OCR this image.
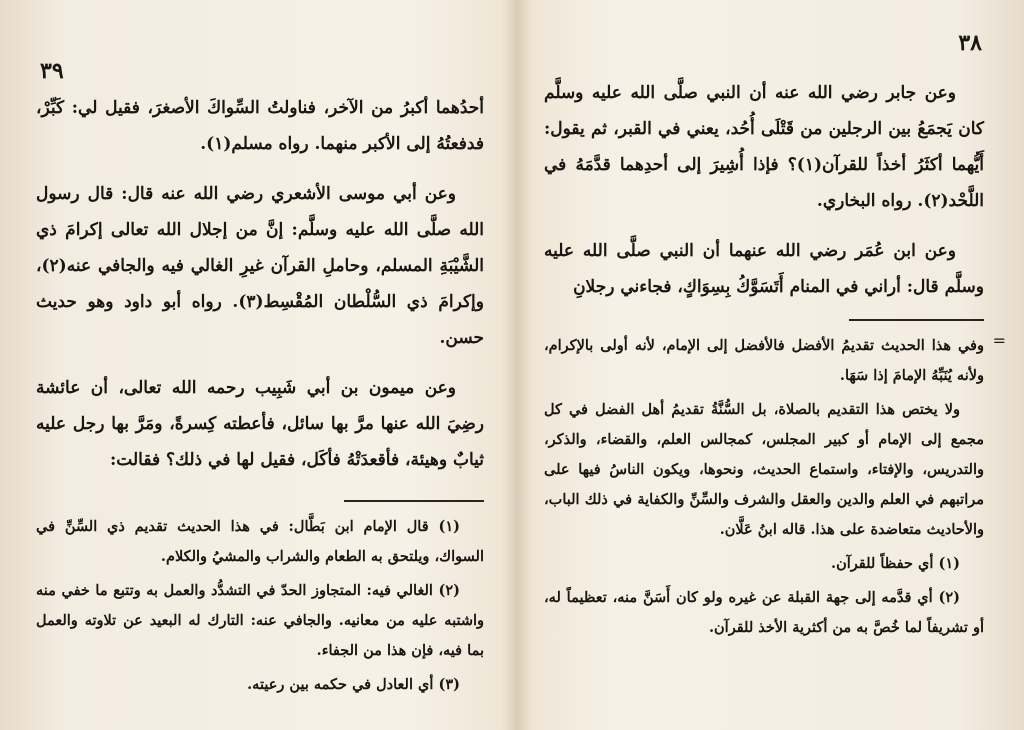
٣٩

أحدُهما أكبرُ من الآخر، فناولتُ السِّواكَ الأصغرَ، فقيل لي: كَبِّرْ، فدفعتُهُ إلى الأكبر منهما. رواه مسلم(١).

وعن أبي موسى الأشعري رضي الله عنه قال: قال رسول الله صلَّى الله عليه وسلَّم: إنَّ من إجلال الله تعالى إكرامَ ذي الشَّيْبَةِ المسلم، وحاملِ القرآن غيرِ الغالي فيه والجافي عنه(٢)، وإكرامَ ذي السُّلْطان المُقْسِط(٣). رواه أبو داود وهو حديث حسن.

وعن ميمون بن أبي شَبِيب رحمه الله تعالى، أن عائشة رضِيَ الله عنها مرَّ بها سائل، فأعطته كِسرةً، ومَرَّ بها رجل عليه ثيابٌ وهيئة، فأقعدَتْهُ فأكَل، فقيل لها في ذلك؟ فقالت:

(١) قال الإمام ابن بَطَّال: في هذا الحديث تقديم ذي السِّنِّ في السواك، ويلتحق به الطعام والشراب والمشيُ والكلام.

(٢) الغالي فيه: المتجاوز الحدّ في التشدُّد والعمل به وتتبع ما خفي منه واشتبه عليه من معانيه. والجافي عنه: التارك له البعيد عن تلاوته والعمل بما فيه، فإن هذا من الجفاء.

(٣) أي العادل في حكمه بين رعيته.

٣٨

وعن جابر رضي الله عنه أن النبي صلَّى الله عليه وسلَّم كان يَجمَعُ بين الرجلين من قَتْلَى أُحُد، يعني في القبر، ثم يقول: أَيُّهما أكثَرُ أخذاً للقرآن(١)؟ فإذا أُشِيرَ إلى أحدِهما قدَّمَهُ في اللَّحْد(٢). رواه البخاري.

وعن ابن عُمَر رضي الله عنهما أن النبي صلَّى الله عليه وسلَّم قال: أراني في المنام أَتَسَوَّكُ بِسِوَاكٍ، فجاءني رجلانِ

=

وفي هذا الحديث تقديمُ الأفضل فالأفضل إلى الإمام، لأنه أولى بالإكرام، ولأنه يُنَبِّهُ الإمامَ إذا سَهَا.

ولا يختص هذا التقديم بالصلاة، بل السُّنَّةُ تقديمُ أهل الفضل في كل مجمع إلى الإمام أو كبير المجلس، كمجالس العلم، والقضاء، والذكر، والتدريس، والإفتاء، واستماع الحديث، ونحوها، ويكون الناسُ فيها على مراتبهم في العلم والدين والعقل والشرف والسِّنِّ والكفاية في ذلك الباب، والأحاديث متعاضدة على هذا. قاله ابنُ عَلَّان.

(١) أي حفظاً للقرآن.

(٢) أي قدَّمه إلى جهة القبلة عن غيره ولو كان أَسَنَّ منه، تعظيماً له، أو تشريفاً لما خُصَّ به من أكثرية الأخذ للقرآن.
